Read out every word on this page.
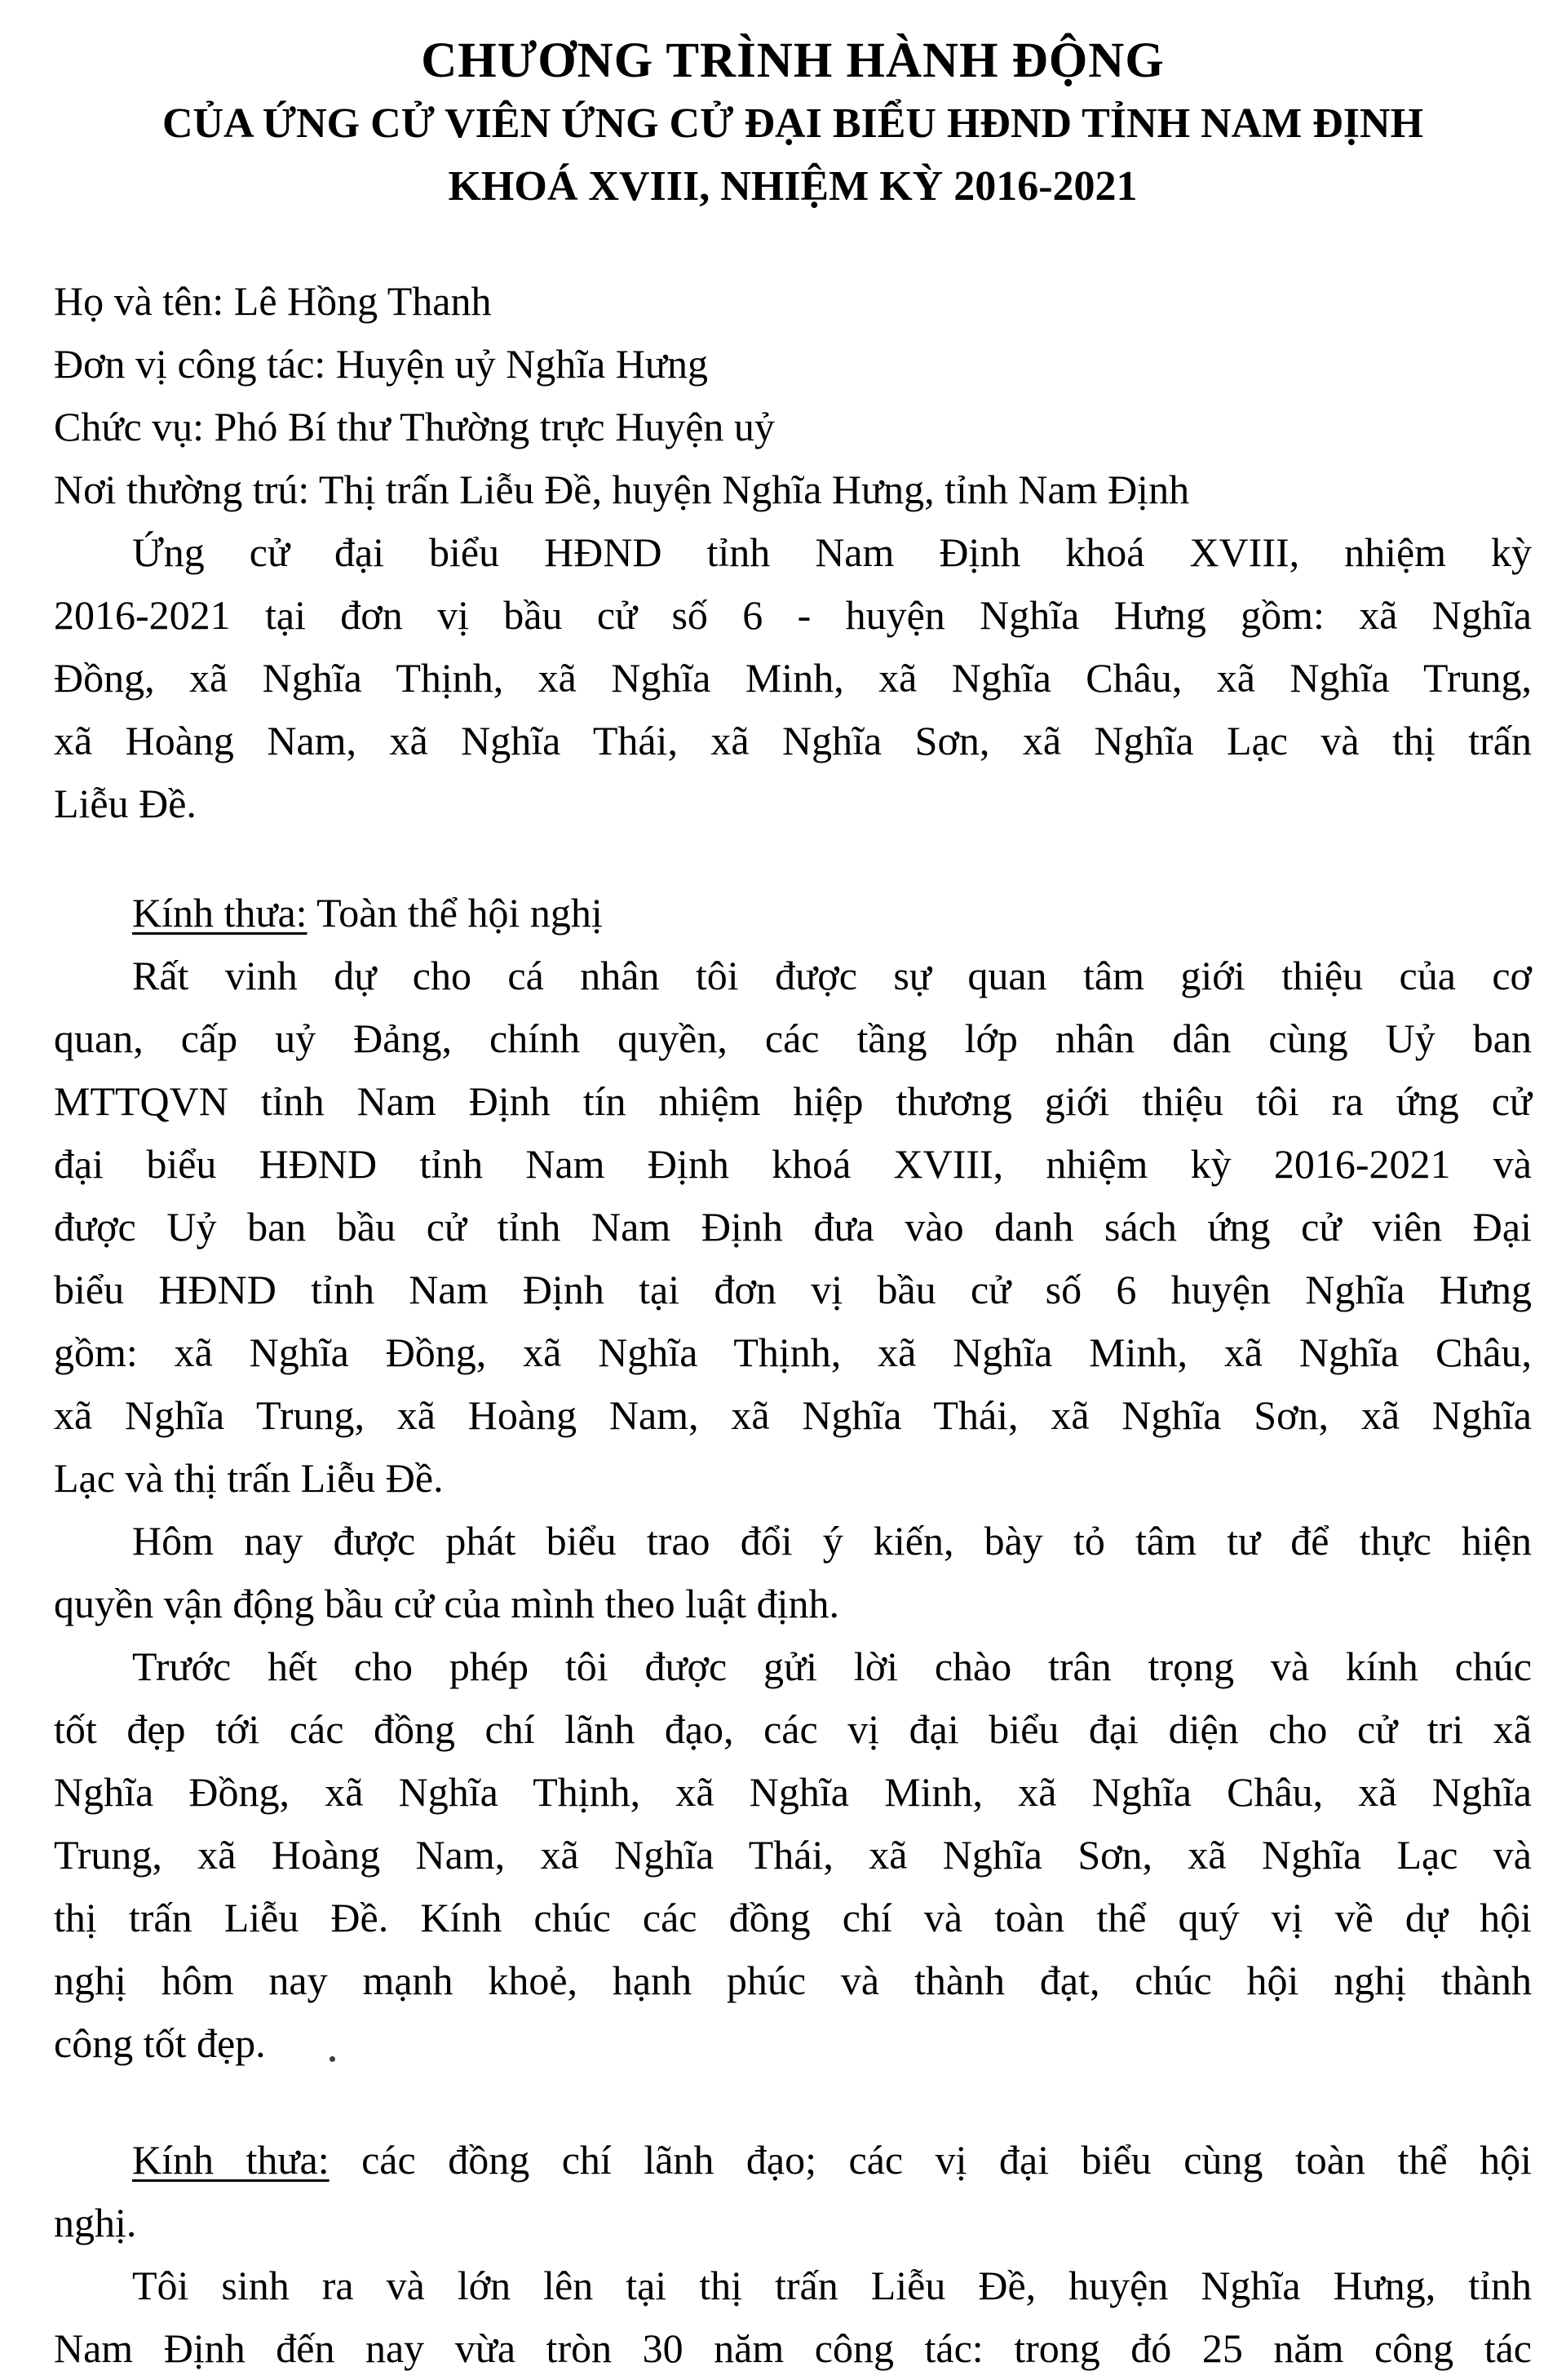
CHƯƠNG TRÌNH HÀNH ĐỘNG
CỦA ỨNG CỬ VIÊN ỨNG CỬ ĐẠI BIỂU HĐND TỈNH NAM ĐỊNH
KHOÁ XVIII, NHIỆM KỲ 2016-2021
Họ và tên: Lê Hồng Thanh
Đơn vị công tác: Huyện uỷ Nghĩa Hưng
Chức vụ: Phó Bí thư Thường trực Huyện uỷ
Nơi thường trú: Thị trấn Liễu Đề, huyện Nghĩa Hưng, tỉnh Nam Định
Ứng cử đại biểu HĐND tỉnh Nam Định khoá XVIII, nhiệm kỳ
2016-2021 tại đơn vị bầu cử số 6 - huyện Nghĩa Hưng gồm: xã Nghĩa
Đồng, xã Nghĩa Thịnh, xã Nghĩa Minh, xã Nghĩa Châu, xã Nghĩa Trung,
xã Hoàng Nam, xã Nghĩa Thái, xã Nghĩa Sơn, xã Nghĩa Lạc và thị trấn
Liễu Đề.
Kính thưa: Toàn thể hội nghị
Rất vinh dự cho cá nhân tôi được sự quan tâm giới thiệu của cơ
quan, cấp uỷ Đảng, chính quyền, các tầng lớp nhân dân cùng Uỷ ban
MTTQVN tỉnh Nam Định tín nhiệm hiệp thương giới thiệu tôi ra ứng cử
đại biểu HĐND tỉnh Nam Định khoá XVIII, nhiệm kỳ 2016-2021 và
được Uỷ ban bầu cử tỉnh Nam Định đưa vào danh sách ứng cử viên Đại
biểu HĐND tỉnh Nam Định tại đơn vị bầu cử số 6 huyện Nghĩa Hưng
gồm: xã Nghĩa Đồng, xã Nghĩa Thịnh, xã Nghĩa Minh, xã Nghĩa Châu,
xã Nghĩa Trung, xã Hoàng Nam, xã Nghĩa Thái, xã Nghĩa Sơn, xã Nghĩa
Lạc và thị trấn Liễu Đề.
Hôm nay được phát biểu trao đổi ý kiến, bày tỏ tâm tư để thực hiện
quyền vận động bầu cử của mình theo luật định.
Trước hết cho phép tôi được gửi lời chào trân trọng và kính chúc
tốt đẹp tới các đồng chí lãnh đạo, các vị đại biểu đại diện cho cử tri xã
Nghĩa Đồng, xã Nghĩa Thịnh, xã Nghĩa Minh, xã Nghĩa Châu, xã Nghĩa
Trung, xã Hoàng Nam, xã Nghĩa Thái, xã Nghĩa Sơn, xã Nghĩa Lạc và
thị trấn Liễu Đề. Kính chúc các đồng chí và toàn thể quý vị về dự hội
nghị hôm nay mạnh khoẻ, hạnh phúc và thành đạt, chúc hội nghị thành
công tốt đẹp.
Kính thưa: các đồng chí lãnh đạo; các vị đại biểu cùng toàn thể hội
nghị.
Tôi sinh ra và lớn lên tại thị trấn Liễu Đề, huyện Nghĩa Hưng, tỉnh
Nam Định đến nay vừa tròn 30 năm công tác: trong đó 25 năm công tác
